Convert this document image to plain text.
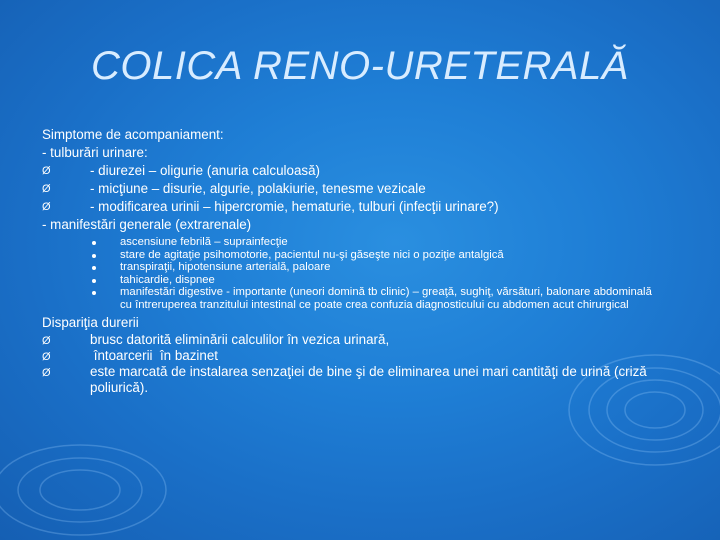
COLICA RENO-URETERALĂ
Simptome de acompaniament:
- tulburări urinare:
Ø	- diurezei – oligurie (anuria calculoasă)
Ø	- micţiune – disurie, algurie, polakiurie, tenesme vezicale
Ø	- modificarea urinii – hipercromie, hematurie, tulburi (infecţii urinare?)
- manifestări generale (extrarenale)
ascensiune febrilă – suprainfecţie
stare de agitaţie psihomotorie, pacientul nu-şi găseşte nici o poziţie antalgică
transpiraţii, hipotensiune arterială, paloare
tahicardie, dispnee
manifestări digestive - importante (uneori domină tb clinic) – greaţă, sughiţ, vărsături, balonare abdominală cu întreruperea tranzitului intestinal ce poate crea confuzia diagnosticului cu abdomen acut chirurgical
Dispariţia durerii
Ø	brusc datorită eliminării calculilor în vezica urinară,
Ø	întoarcerii  în bazinet
Ø	este marcată de instalarea senzaţiei de bine şi de eliminarea unei mari cantităţi de urină (criză poliurică).
